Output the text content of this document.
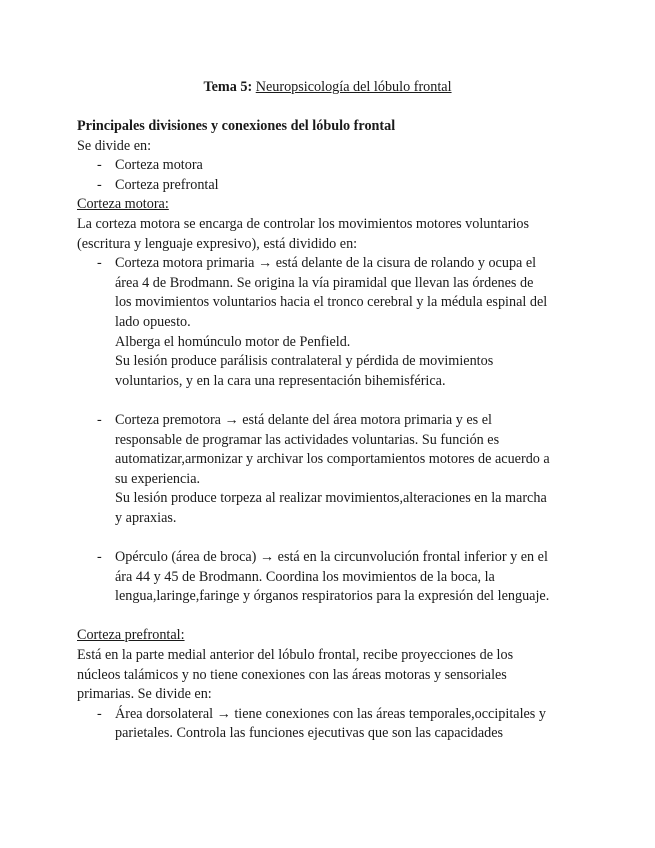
Tema 5: Neuropsicología del lóbulo frontal

Principales divisiones y conexiones del lóbulo frontal

Se divide en:

- Corteza motora
- Corteza prefrontal

Corteza motora:

La corteza motora se encarga de controlar los movimientos motores voluntarios

(escritura y lenguaje expresivo), está dividido en:

- Corteza motora primaria → está delante de la cisura de rolando y ocupa el

área 4 de Brodmann. Se origina la vía piramidal que llevan las órdenes de

los movimientos voluntarios hacia el tronco cerebral y la médula espinal del

lado opuesto.

Alberga el homúnculo motor de Penfield.

Su lesión produce parálisis contralateral y pérdida de movimientos

voluntarios, y en la cara una representación bihemisférica.

- Corteza premotora → está delante del área motora primaria y es el

responsable de programar las actividades voluntarias. Su función es

automatizar,armonizar y archivar los comportamientos motores de acuerdo a

su experiencia.

Su lesión produce torpeza al realizar movimientos,alteraciones en la marcha

y apraxias.

- Opérculo (área de broca) → está en la circunvolución frontal inferior y en el

ára 44 y 45 de Brodmann. Coordina los movimientos de la boca, la

lengua,laringe,faringe y órganos respiratorios para la expresión del lenguaje.

Corteza prefrontal:

Está en la parte medial anterior del lóbulo frontal, recibe proyecciones de los

núcleos talámicos y no tiene conexiones con las áreas motoras y sensoriales

primarias. Se divide en:

- Área dorsolateral → tiene conexiones con las áreas temporales,occipitales y

parietales. Controla las funciones ejecutivas que son las capacidades
